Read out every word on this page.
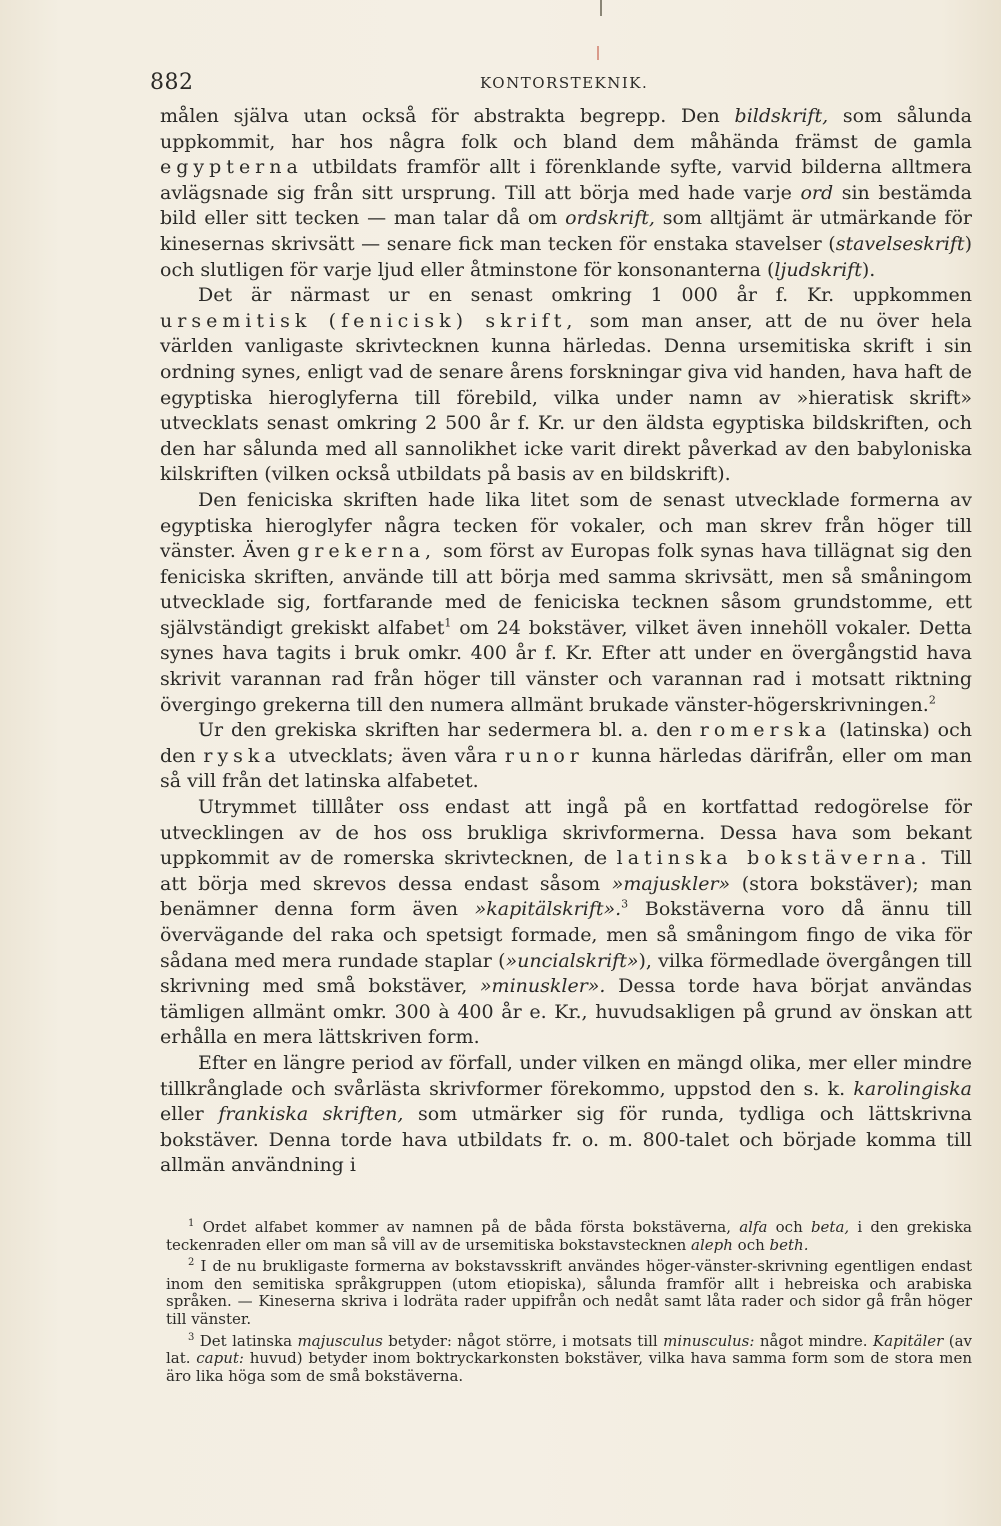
882	KONTORSTEKNIK.

målen själva utan också för abstrakta begrepp. Den bildskrift, som sålunda uppkommit, har hos några folk och bland dem måhända främst de gamla egypterna utbildats framför allt i förenklande syfte, varvid bilderna alltmera avlägsnade sig från sitt ursprung. Till att börja med hade varje ord sin bestämda bild eller sitt tecken — man talar då om ordskrift, som alltjämt är utmärkande för kinesernas skrivsätt — senare fick man tecken för enstaka stavelser (stavelseskrift) och slutligen för varje ljud eller åtminstone för konsonanterna (ljudskrift).

Det är närmast ur en senast omkring 1 000 år f. Kr. uppkommen ursemitisk (fenicisk) skrift, som man anser, att de nu över hela världen vanligaste skrivtecknen kunna härledas. Denna ursemitiska skrift i sin ordning synes, enligt vad de senare årens forskningar giva vid handen, hava haft de egyptiska hieroglyferna till förebild, vilka under namn av »hieratisk skrift» utvecklats senast omkring 2 500 år f. Kr. ur den äldsta egyptiska bildskriften, och den har sålunda med all sannolikhet icke varit direkt påverkad av den babyloniska kilskriften (vilken också utbildats på basis av en bildskrift).

Den feniciska skriften hade lika litet som de senast utvecklade formerna av egyptiska hieroglyfer några tecken för vokaler, och man skrev från höger till vänster. Även grekerna, som först av Europas folk synas hava tillägnat sig den feniciska skriften, använde till att börja med samma skrivsätt, men så småningom utvecklade sig, fortfarande med de feniciska tecknen såsom grundstomme, ett självständigt grekiskt alfabet$^1$ om 24 bokstäver, vilket även innehöll vokaler. Detta synes hava tagits i bruk omkr. 400 år f. Kr. Efter att under en övergångstid hava skrivit varannan rad från höger till vänster och varannan rad i motsatt riktning övergingo grekerna till den numera allmänt brukade vänster-högerskrivningen.$^2$

Ur den grekiska skriften har sedermera bl. a. den romerska (latinska) och den ryska utvecklats; även våra runor kunna härledas därifrån, eller om man så vill från det latinska alfabetet.

Utrymmet tilllåter oss endast att ingå på en kortfattad redogörelse för utvecklingen av de hos oss brukliga skrivformerna. Dessa hava som bekant uppkommit av de romerska skrivtecknen, de latinska bokstäverna. Till att börja med skrevos dessa endast såsom »majuskler» (stora bokstäver); man benämner denna form även »kapitälskrift».$^3$ Bokstäverna voro då ännu till övervägande del raka och spetsigt formade, men så småningom fingo de vika för sådana med mera rundade staplar (»uncialskrift»), vilka förmedlade övergången till skrivning med små bokstäver, »minuskler». Dessa torde hava börjat användas tämligen allmänt omkr. 300 à 400 år e. Kr., huvudsakligen på grund av önskan att erhålla en mera lättskriven form.

Efter en längre period av förfall, under vilken en mängd olika, mer eller mindre tillkrånglade och svårlästa skrivformer förekommo, uppstod den s. k. karolingiska eller frankiska skriften, som utmärker sig för runda, tydliga och lättskrivna bokstäver. Denna torde hava utbildats fr. o. m. 800-talet och började komma till allmän användning i

$^1$ Ordet alfabet kommer av namnen på de båda första bokstäverna, alfa och beta, i den grekiska teckenraden eller om man så vill av de ursemitiska bokstavstecknen aleph och beth.

$^2$ I de nu brukligaste formerna av bokstavsskrift användes höger-vänster-skrivning egentligen endast inom den semitiska språkgruppen (utom etiopiska), sålunda framför allt i hebreiska och arabiska språken. — Kineserna skriva i lodräta rader uppifrån och nedåt samt låta rader och sidor gå från höger till vänster.

$^3$ Det latinska majusculus betyder: något större, i motsats till minusculus: något mindre. Kapitäler (av lat. caput: huvud) betyder inom boktryckarkonsten bokstäver, vilka hava samma form som de stora men äro lika höga som de små bokstäverna.
